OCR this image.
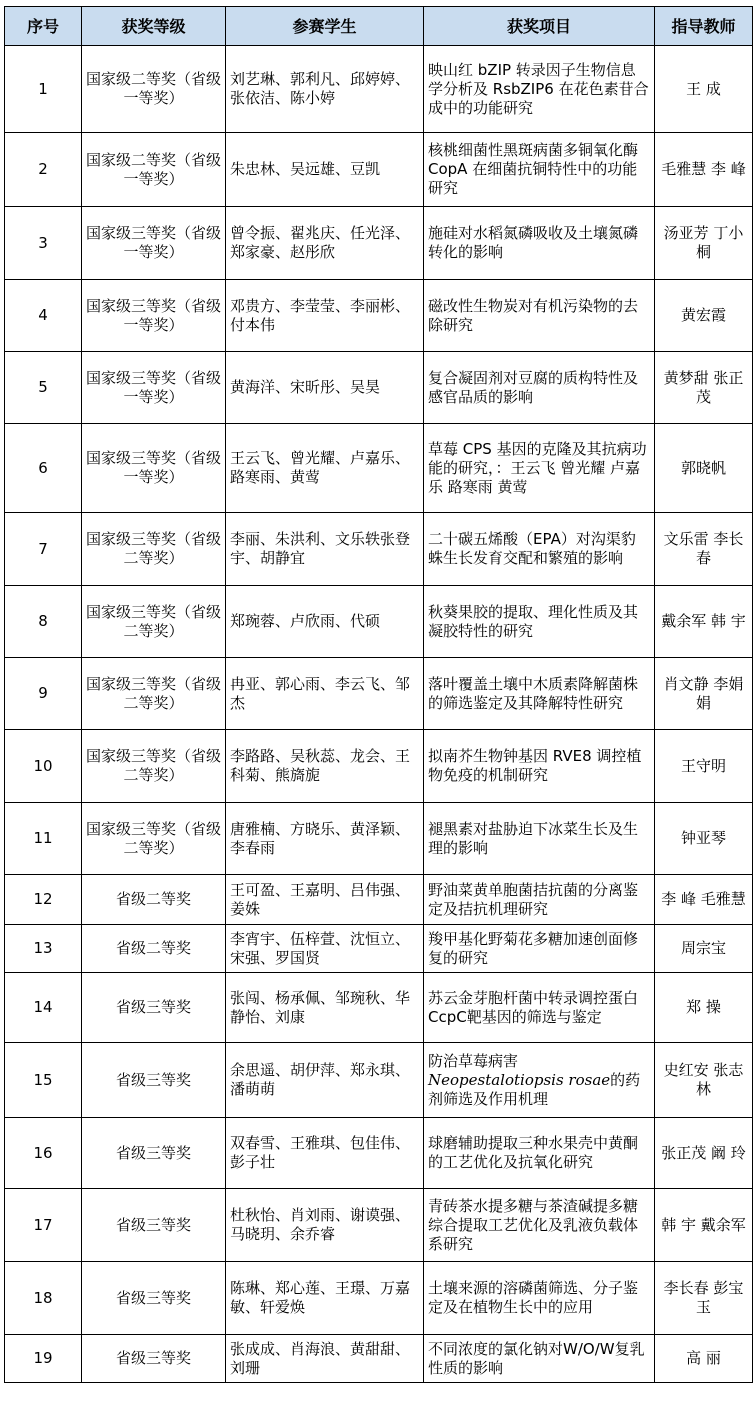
序号	获奖等级	参赛学生	获奖项目	指导教师
1	国家级二等奖（省级一等奖）	刘艺琳、郭利凡、邱婷婷、张依洁、陈小婷	映山红 bZIP 转录因子生物信息学分析及 RsbZIP6 在花色素苷合成中的功能研究	王 成
2	国家级二等奖（省级一等奖）	朱忠林、吴远雄、豆凯	核桃细菌性黑斑病菌多铜氧化酶 CopA 在细菌抗铜特性中的功能研究	毛雅慧 李 峰
3	国家级三等奖（省级一等奖）	曾令振、翟兆庆、任光泽、郑家豪、赵彤欣	施硅对水稻氮磷吸收及土壤氮磷转化的影响	汤亚芳 丁小桐
4	国家级三等奖（省级一等奖）	邓贵方、李莹莹、李丽彬、付本伟	磁改性生物炭对有机污染物的去除研究	黄宏霞
5	国家级三等奖（省级一等奖）	黄海洋、宋昕彤、吴昊	复合凝固剂对豆腐的质构特性及感官品质的影响	黄梦甜 张正茂
6	国家级三等奖（省级一等奖）	王云飞、曾光耀、卢嘉乐、路寒雨、黄莺	草莓 CPS 基因的克隆及其抗病功能的研究，：王云飞 曾光耀 卢嘉乐 路寒雨 黄莺	郭晓帆
7	国家级三等奖（省级二等奖）	李丽、朱洪利、文乐轶张登宇、胡静宜	二十碳五烯酸（EPA）对沟渠豹蛛生长发育交配和繁殖的影响	文乐雷 李长春
8	国家级三等奖（省级二等奖）	郑琬蓉、卢欣雨、代硕	秋葵果胶的提取、理化性质及其凝胶特性的研究	戴余军 韩 宇
9	国家级三等奖（省级二等奖）	冉亚、郭心雨、李云飞、邹杰	落叶覆盖土壤中木质素降解菌株的筛选鉴定及其降解特性研究	肖文静 李娟娟
10	国家级三等奖（省级二等奖）	李路路、吴秋蕊、龙会、王科菊、熊旖旎	拟南芥生物钟基因 RVE8 调控植物免疫的机制研究	王守明
11	国家级三等奖（省级二等奖）	唐雅楠、方晓乐、黄泽颖、李春雨	褪黑素对盐胁迫下冰菜生长及生理的影响	钟亚琴
12	省级二等奖	王可盈、王嘉明、吕伟强、姜姝	野油菜黄单胞菌拮抗菌的分离鉴定及拮抗机理研究	李 峰 毛雅慧
13	省级二等奖	李宵宇、伍梓萱、沈恒立、宋强、罗国贤	羧甲基化野菊花多糖加速创面修复的研究	周宗宝
14	省级三等奖	张闯、杨承佩、邹琬秋、华静怡、刘康	苏云金芽胞杆菌中转录调控蛋白CcpC靶基因的筛选与鉴定	郑 操
15	省级三等奖	余思遥、胡伊萍、郑永琪、潘萌萌	防治草莓病害Neopestalotiopsis rosae的药剂筛选及作用机理	史红安 张志林
16	省级三等奖	双春雪、王雅琪、包佳伟、彭子壮	球磨辅助提取三种水果壳中黄酮的工艺优化及抗氧化研究	张正茂 阚 玲
17	省级三等奖	杜秋怡、肖刘雨、谢谟强、马晓玥、余乔睿	青砖茶水提多糖与茶渣碱提多糖综合提取工艺优化及乳液负载体系研究	韩 宇 戴余军
18	省级三等奖	陈琳、郑心莲、王璟、万嘉敏、轩爱焕	土壤来源的溶磷菌筛选、分子鉴定及在植物生长中的应用	李长春 彭宝玉
19	省级三等奖	张成成、肖海浪、黄甜甜、刘珊	不同浓度的氯化钠对W/O/W复乳性质的影响	高 丽
